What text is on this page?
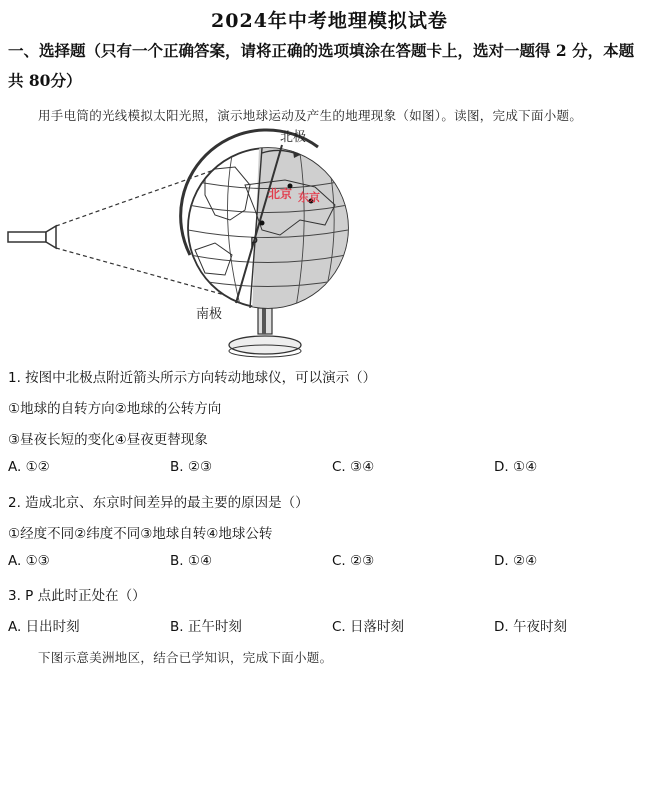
2024年中考地理模拟试卷
一、选择题（只有一个正确答案，请将正确的选项填涂在答题卡上，选对一题得 2 分，本题
共 80分）
用手电筒的光线模拟太阳光照，演示地球运动及产生的地理现象（如图）。读图，完成下面小题。
北极
南极
北京 东京
P
1. 按图中北极点附近箭头所示方向转动地球仪，可以演示（）
①地球的自转方向②地球的公转方向
③昼夜长短的变化④昼夜更替现象
A. ①②	B. ②③	C. ③④	D. ①④
2. 造成北京、东京时间差异的最主要的原因是（）
①经度不同②纬度不同③地球自转④地球公转
A. ①③	B. ①④	C. ②③	D. ②④
3. P 点此时正处在（）
A. 日出时刻	B. 正午时刻	C. 日落时刻	D. 午夜时刻
下图示意美洲地区，结合已学知识，完成下面小题。
